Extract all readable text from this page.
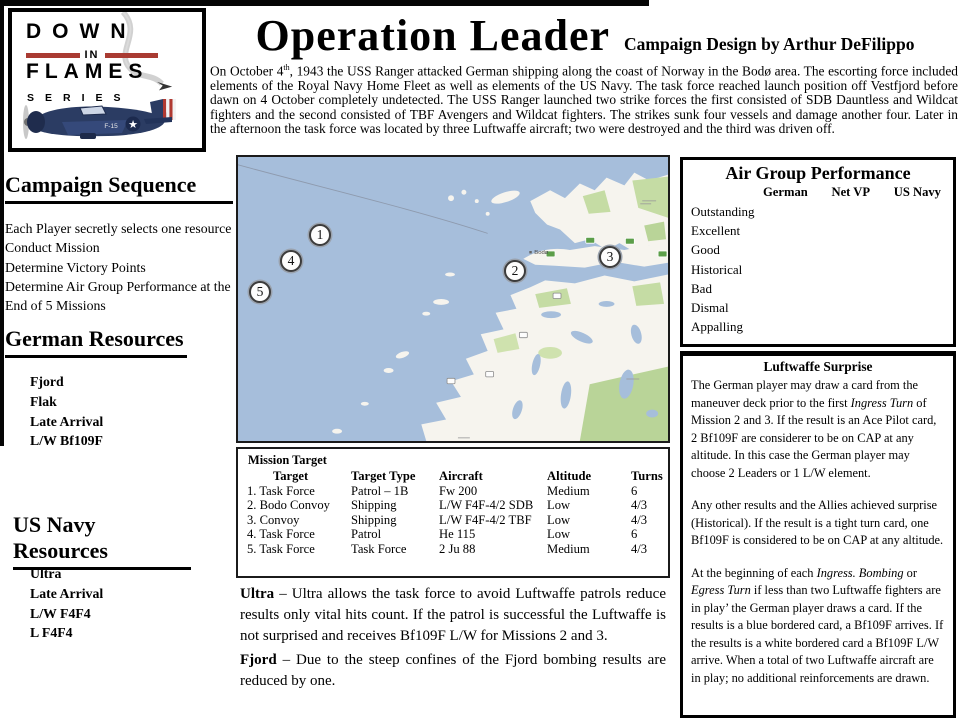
DOWN
IN
FLAMES
SERIES
★
F-15
Operation Leader Campaign Design by Arthur DeFilippo
On October 4th, 1943 the USS Ranger attacked German shipping along the coast of Norway in the Bodø area. The escorting force included elements of the Royal Navy Home Fleet as well as elements of the US Navy. The task force reached launch position off Vestfjord before dawn on 4 October completely undetected. The USS Ranger launched two strike forces the first consisted of SDB Dauntless and Wildcat fighters and the second consisted of TBF Avengers and Wildcat fighters. The strikes sunk four vessels and damage another four. Later in the afternoon the task force was located by three Luftwaffe aircraft; two were destroyed and the third was driven off.
Campaign Sequence
Each Player secretly selects one resource
Conduct Mission
Determine Victory Points
Determine Air Group Performance at the End of 5 Missions
German Resources
Fjord
Flak
Late Arrival
L/W Bf109F
US Navy Resources
Ultra
Late Arrival
L/W F4F4
L F4F4
Bodø
1
2
3
4
5
Mission Target
Target	Target Type	Aircraft	Altitude	Turns
1. Task Force	Patrol – 1B	Fw 200	Medium	6
2. Bodo Convoy	Shipping	L/W F4F-4/2 SDB	Low	4/3
3. Convoy	Shipping	L/W F4F-4/2 TBF	Low	4/3
4. Task Force	Patrol	He 115	Low	6
5. Task Force	Task Force	2 Ju 88	Medium	4/3

Ultra – Ultra allows the task force to avoid Luftwaffe patrols reduce results only vital hits count. If the patrol is successful the Luftwaffe is not surprised and receives Bf109F L/W for Missions 2 and 3.

Fjord – Due to the steep confines of the Fjord bombing results are reduced by one.

Air Group Performance
German Net VP US Navy
Outstanding
Excellent
Good
Historical
Bad
Dismal
Appalling
Luftwaffe Surprise

The German player may draw a card from the maneuver deck prior to the first Ingress Turn of Mission 2 and 3. If the result is an Ace Pilot card, 2 Bf109F are considerer to be on CAP at any altitude. In this case the German player may choose 2 Leaders or 1 L/W element.

Any other results and the Allies achieved surprise (Historical). If the result is a tight turn card, one Bf109F is considered to be on CAP at any altitude.

At the beginning of each Ingress. Bombing or Egress Turn if less than two Luftwaffe fighters are in play’ the German player draws a card. If the results is a blue bordered card, a Bf109F arrives. If the results is a white bordered card a Bf109F L/W arrive. When a total of two Luftwaffe aircraft are in play; no additional reinforcements are drawn.
